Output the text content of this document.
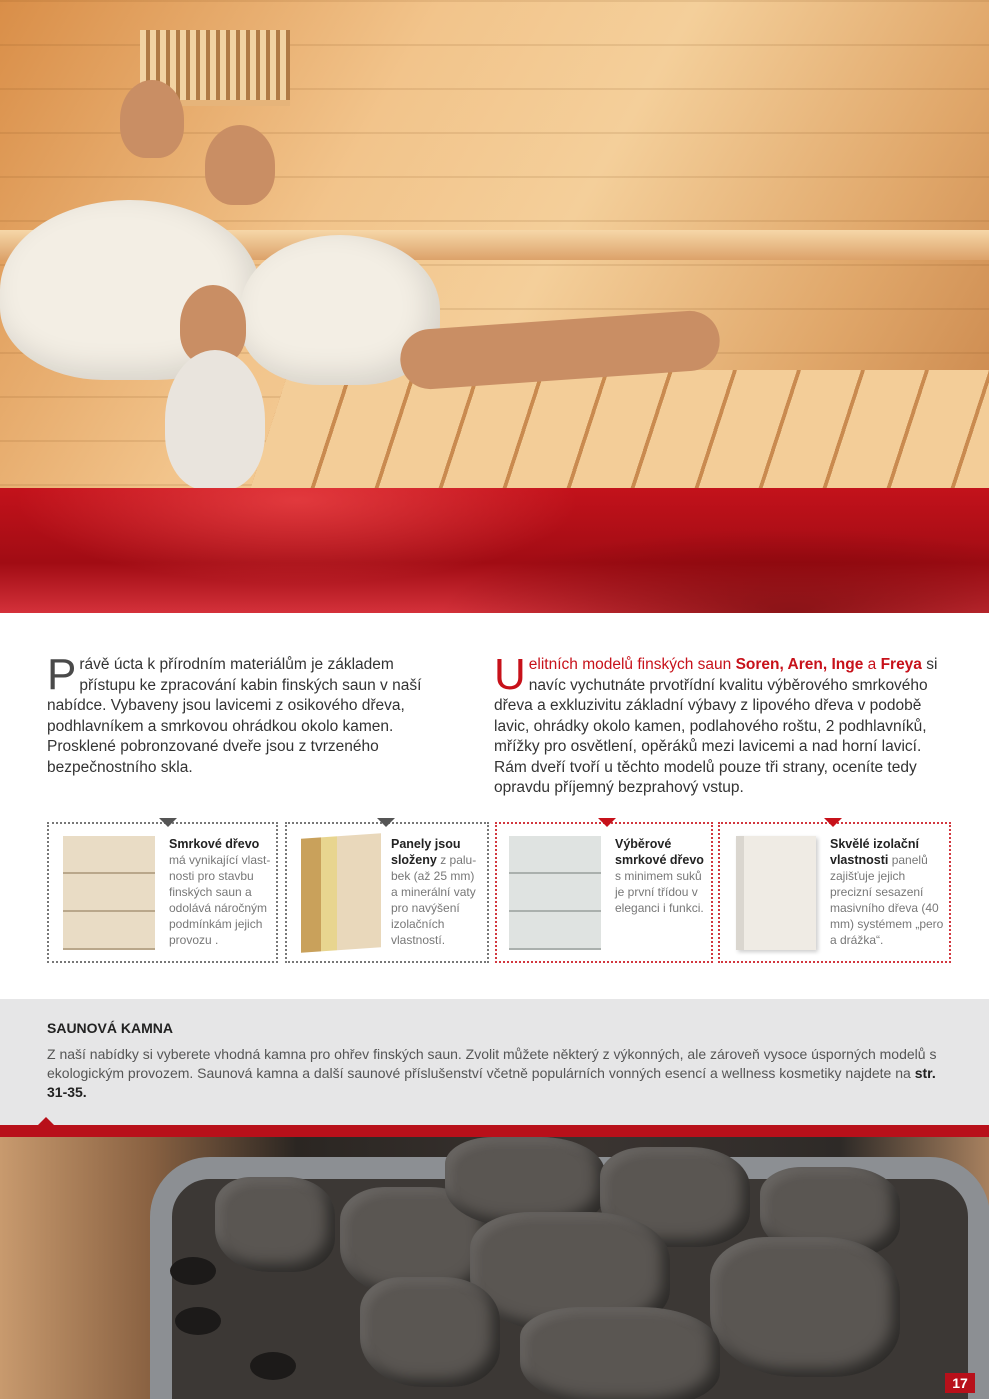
Právě úcta k přírodním materiálům je základem přístupu ke zpracování kabin finských saun v naší nabídce. Vybaveny jsou lavicemi z osikového dřeva, podhlavníkem a smrkovou ohrádkou okolo kamen. Prosklené pobronzované dveře jsou z tvrzeného bezpečnostního skla.
Uelitních modelů finských saun Soren, Aren, Inge a Freya si navíc vychutnáte prvotřídní kvalitu výběrového smrkového dřeva a exkluzivitu základní výbavy z lipového dřeva v podobě lavic, ohrádky okolo kamen, podlahového roštu, 2 podhlavníků, mřížky pro osvětlení, opěráků mezi lavicemi a nad horní lavicí. Rám dveří tvoří u těchto modelů pouze tři strany, oceníte tedy opravdu příjemný bezprahový vstup.
Smrkové dřevo
má vynikající vlast-nosti pro stavbu finských saun a odolává náročným podmínkám jejich provozu .
Panely jsou složeny z palu-bek (až 25 mm) a minerální vaty pro navýšení izolačních vlastností.
Výběrové smrkové dřevo
s minimem suků je první třídou v eleganci i funkci.
Skvělé izolační vlastnosti panelů zajišťuje jejich precizní sesazení masivního dřeva (40 mm) systémem „pero a drážka“.
SAUNOVÁ KAMNA
Z naší nabídky si vyberete vhodná kamna pro ohřev finských saun. Zvolit můžete některý z výkonných, ale zároveň vysoce úsporných modelů s ekologickým provozem. Saunová kamna a další saunové příslušenství včetně populárních vonných esencí a wellness kosmetiky najdete na str. 31-35.
17
